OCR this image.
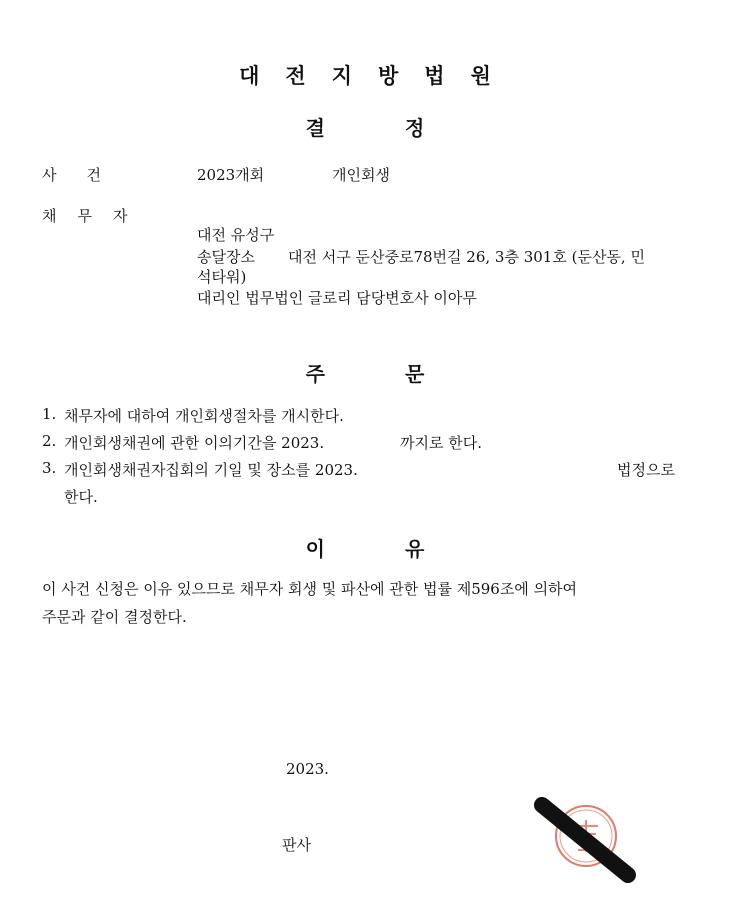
대전지방법원
결정
사건	2023개회	개인회생
채무자
대전 유성구
송달장소 대전 서구 둔산중로78번길 26, 3층 301호 (둔산동, 민
석타워)
대리인 법무법인 글로리 담당변호사 이아무
주문
1. 채무자에 대하여 개인회생절차를 개시한다.
2. 개인회생채권에 관한 이의기간을 2023.	까지로 한다.
3. 개인회생채권자집회의 기일 및 장소를 2023.	법정으로
한다.
이유
이 사건 신청은 이유 있으므로 채무자 회생 및 파산에 관한 법률 제596조에 의하여
주문과 같이 결정한다.
2023.
판사
